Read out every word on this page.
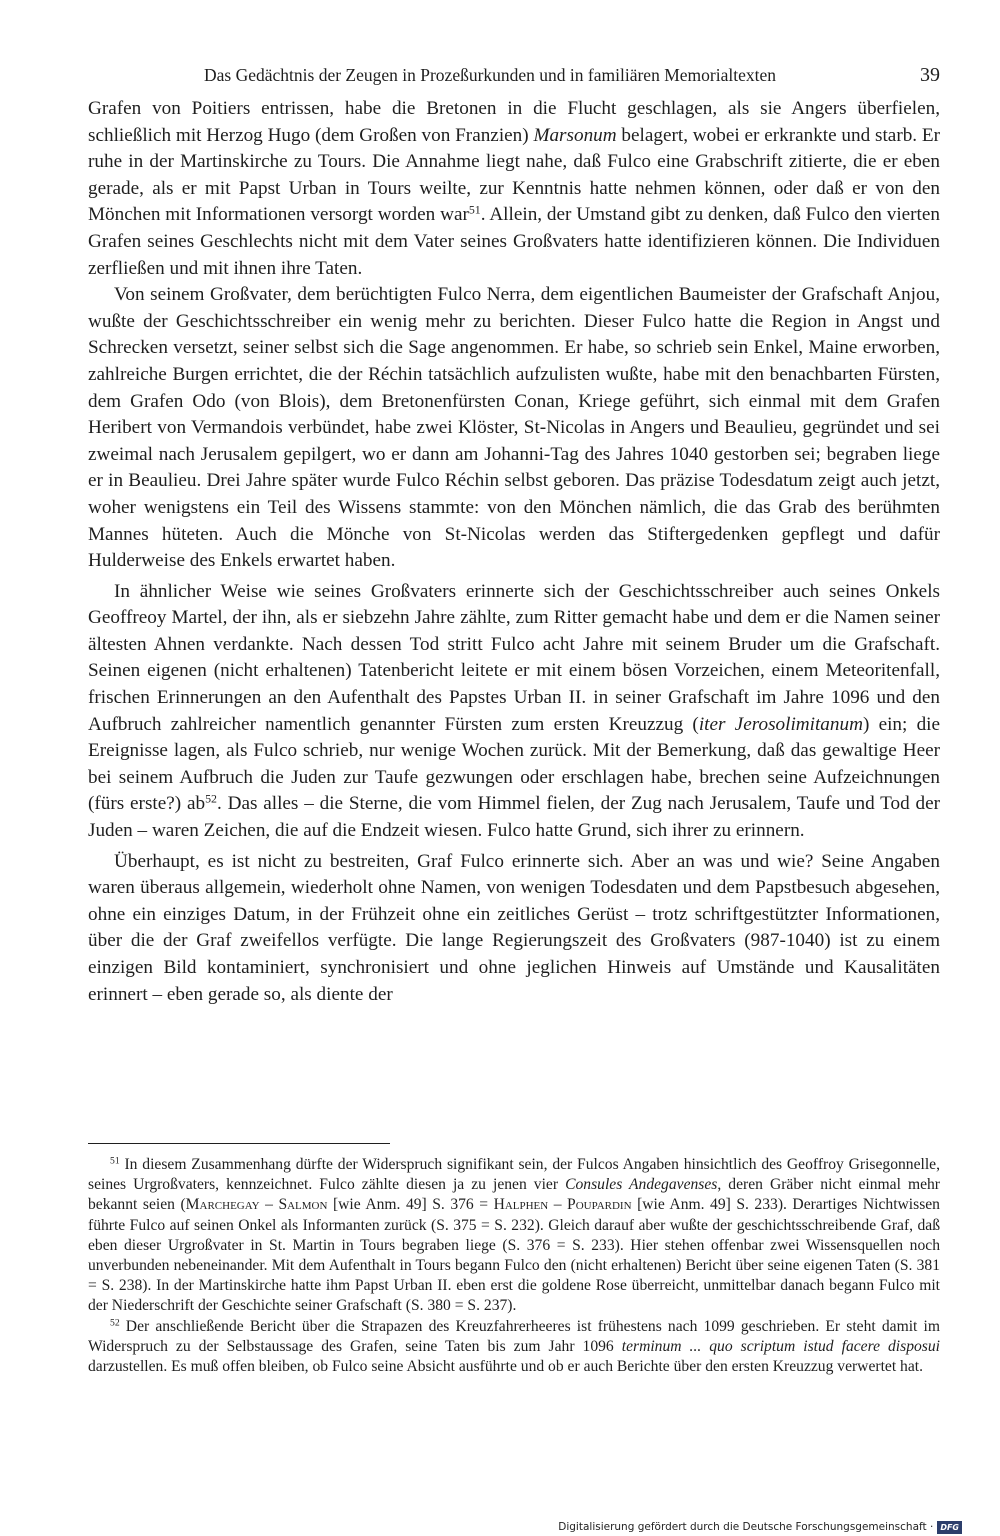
Das Gedächtnis der Zeugen in Prozeßurkunden und in familiären Memorialtexten	39

Grafen von Poitiers entrissen, habe die Bretonen in die Flucht geschlagen, als sie Angers überfielen, schließlich mit Herzog Hugo (dem Großen von Franzien) Marsonum belagert, wobei er erkrankte und starb. Er ruhe in der Martinskirche zu Tours. Die Annahme liegt nahe, daß Fulco eine Grabschrift zitierte, die er eben gerade, als er mit Papst Urban in Tours weilte, zur Kenntnis hatte nehmen können, oder daß er von den Mönchen mit Informationen versorgt worden war$^{51}$. Allein, der Umstand gibt zu denken, daß Fulco den vierten Grafen seines Geschlechts nicht mit dem Vater seines Großvaters hatte identifizieren können. Die Individuen zerfließen und mit ihnen ihre Taten.

Von seinem Großvater, dem berüchtigten Fulco Nerra, dem eigentlichen Baumeister der Grafschaft Anjou, wußte der Geschichtsschreiber ein wenig mehr zu berichten. Dieser Fulco hatte die Region in Angst und Schrecken versetzt, seiner selbst sich die Sage angenommen. Er habe, so schrieb sein Enkel, Maine erworben, zahlreiche Burgen errichtet, die der Réchin tatsächlich aufzulisten wußte, habe mit den benachbarten Fürsten, dem Grafen Odo (von Blois), dem Bretonenfürsten Conan, Kriege geführt, sich einmal mit dem Grafen Heribert von Vermandois verbündet, habe zwei Klöster, St-Nicolas in Angers und Beaulieu, gegründet und sei zweimal nach Jerusalem gepilgert, wo er dann am Johanni-Tag des Jahres 1040 gestorben sei; begraben liege er in Beaulieu. Drei Jahre später wurde Fulco Réchin selbst geboren. Das präzise Todesdatum zeigt auch jetzt, woher wenigstens ein Teil des Wissens stammte: von den Mönchen nämlich, die das Grab des berühmten Mannes hüteten. Auch die Mönche von St-Nicolas werden das Stiftergedenken gepflegt und dafür Hulderweise des Enkels erwartet haben.

In ähnlicher Weise wie seines Großvaters erinnerte sich der Geschichtsschreiber auch seines Onkels Geoffreoy Martel, der ihn, als er siebzehn Jahre zählte, zum Ritter gemacht habe und dem er die Namen seiner ältesten Ahnen verdankte. Nach dessen Tod stritt Fulco acht Jahre mit seinem Bruder um die Grafschaft. Seinen eigenen (nicht erhaltenen) Tatenbericht leitete er mit einem bösen Vorzeichen, einem Meteoritenfall, frischen Erinnerungen an den Aufenthalt des Papstes Urban II. in seiner Grafschaft im Jahre 1096 und den Aufbruch zahlreicher namentlich genannter Fürsten zum ersten Kreuzzug (iter Jerosolimitanum) ein; die Ereignisse lagen, als Fulco schrieb, nur wenige Wochen zurück. Mit der Bemerkung, daß das gewaltige Heer bei seinem Aufbruch die Juden zur Taufe gezwungen oder erschlagen habe, brechen seine Aufzeichnungen (fürs erste?) $ab^{52}$. Das alles – die Sterne, die vom Himmel fielen, der Zug nach Jerusalem, Taufe und Tod der Juden – waren Zeichen, die auf die Endzeit wiesen. Fulco hatte Grund, sich ihrer zu erinnern.

Überhaupt, es ist nicht zu bestreiten, Graf Fulco erinnerte sich. Aber an was und wie? Seine Angaben waren überaus allgemein, wiederholt ohne Namen, von wenigen Todesdaten und dem Papstbesuch abgesehen, ohne ein einziges Datum, in der Frühzeit ohne ein zeitliches Gerüst – trotz schriftgestützter Informationen, über die der Graf zweifellos verfügte. Die lange Regierungszeit des Großvaters (987-1040) ist zu einem einzigen Bild kontaminiert, synchronisiert und ohne jeglichen Hinweis auf Umstände und Kausalitäten erinnert – eben gerade so, als diente der

$^{51}$ In diesem Zusammenhang dürfte der Widerspruch signifikant sein, der Fulcos Angaben hinsichtlich des Geoffroy Grisegonnelle, seines Urgroßvaters, kennzeichnet. Fulco zählte diesen ja zu jenen vier Consules Andegavenses, deren Gräber nicht einmal mehr bekannt seien (Marchegay – Salmon [wie Anm. 49] S. 376 = Halphen – Poupardin [wie Anm. 49] S. 233). Derartiges Nichtwissen führte Fulco auf seinen Onkel als Informanten zurück (S. 375 = S. 232). Gleich darauf aber wußte der geschichtsschreibende Graf, daß eben dieser Urgroßvater in St. Martin in Tours begraben liege (S. 376 = S. 233). Hier stehen offenbar zwei Wissensquellen noch unverbunden nebeneinander. Mit dem Aufenthalt in Tours begann Fulco den (nicht erhaltenen) Bericht über seine eigenen Taten (S. 381 = S. 238). In der Martinskirche hatte ihm Papst Urban II. eben erst die goldene Rose überreicht, unmittelbar danach begann Fulco mit der Niederschrift der Geschichte seiner Grafschaft (S. 380 = S. 237).

$^{52}$ Der anschließende Bericht über die Strapazen des Kreuzfahrerheeres ist frühestens nach 1099 geschrieben. Er steht damit im Widerspruch zu der Selbstaussage des Grafen, seine Taten bis zum Jahr 1096 terminum ... quo scriptum istud facere disposui darzustellen. Es muß offen bleiben, ob Fulco seine Absicht ausführte und ob er auch Berichte über den ersten Kreuzzug verwertet hat.

Digitalisierung gefördert durch die Deutsche Forschungsgemeinschaft · DFG
